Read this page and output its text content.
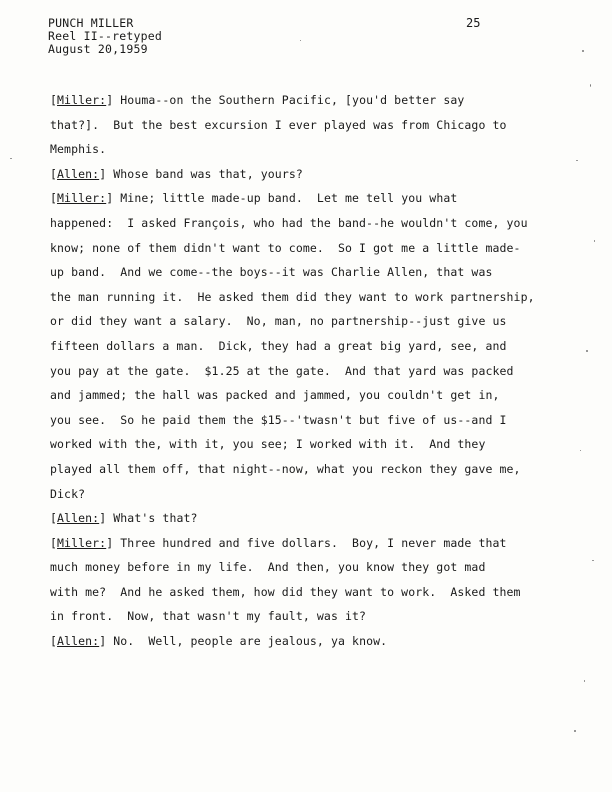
PUNCH MILLER
Reel II--retyped
August 20,1959
25
[Miller:] Houma--on the Southern Pacific, [you'd better say
that?].  But the best excursion I ever played was from Chicago to
Memphis.
[Allen:] Whose band was that, yours?
[Miller:] Mine; little made-up band.  Let me tell you what
happened:  I asked François, who had the band--he wouldn't come, you
know; none of them didn't want to come.  So I got me a little made-
up band.  And we come--the boys--it was Charlie Allen, that was
the man running it.  He asked them did they want to work partnership,
or did they want a salary.  No, man, no partnership--just give us
fifteen dollars a man.  Dick, they had a great big yard, see, and
you pay at the gate.  $1.25 at the gate.  And that yard was packed
and jammed; the hall was packed and jammed, you couldn't get in,
you see.  So he paid them the $15--'twasn't but five of us--and I
worked with the, with it, you see; I worked with it.  And they
played all them off, that night--now, what you reckon they gave me,
Dick?
[Allen:] What's that?
[Miller:] Three hundred and five dollars.  Boy, I never made that
much money before in my life.  And then, you know they got mad
with me?  And he asked them, how did they want to work.  Asked them
in front.  Now, that wasn't my fault, was it?
[Allen:] No.  Well, people are jealous, ya know.
